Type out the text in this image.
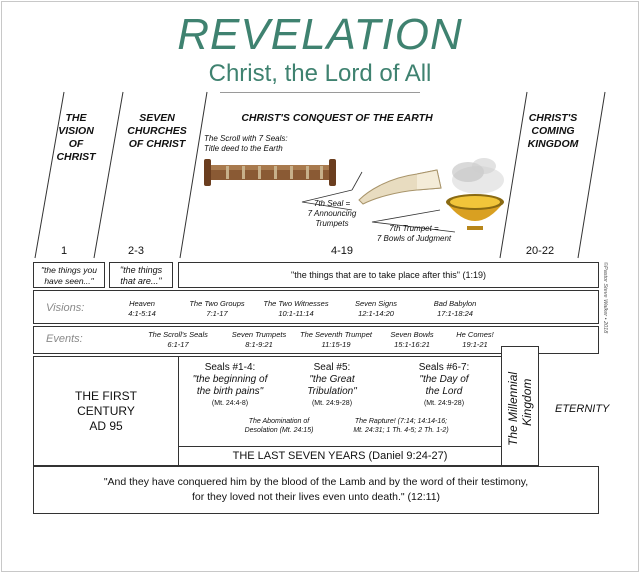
REVELATION
Christ, the Lord of All
THE
VISION
OF
CHRIST
SEVEN
CHURCHES
OF CHRIST
CHRIST'S CONQUEST OF THE EARTH	CHRIST'S
COMING
KINGDOM
The Scroll with 7 Seals:
Title deed to the Earth
7th Seal =
7 Announcing
Trumpets
7th Trumpet =
7 Bowls of Judgment
1	2-3	4-19	20-22
"the things you
have seen..."
"the things
that are..."
"the things that are to take place after this" (1:19)
Visions:
Events:
Heaven
4:1-5:14
The Two Groups
7:1-17
The Two Witnesses
10:1-11:14
Seven Signs
12:1-14:20
Bad Babylon
17:1-18:24
The Scroll's Seals
6:1-17
Seven Trumpets
8:1-9:21
The Seventh Trumpet
11:15-19
Seven Bowls
15:1-16:21
He Comes!
19:1-21
THE FIRST
CENTURY
AD 95
Seals #1-4:
"the beginning of
the birth pains"
(Mt. 24:4-8)
Seal #5:
"the Great
Tribulation"
(Mt. 24:9-28)
Seals #6-7:
"the Day of
the Lord
(Mt. 24:9-28)
The Abomination of
Desolation (Mt. 24:15)
The Rapture! (7:14; 14:14-16;
Mt. 24:31; 1 Th. 4-5; 2 Th. 1-2)
THE LAST SEVEN YEARS (Daniel 9:24-27)
The Millennial Kingdom ETERNITY
"And they have conquered him by the blood of the Lamb and by the word of their testimony,
for they loved not their lives even unto death." (12:11)
©Pastor Steve Walker • 2018
